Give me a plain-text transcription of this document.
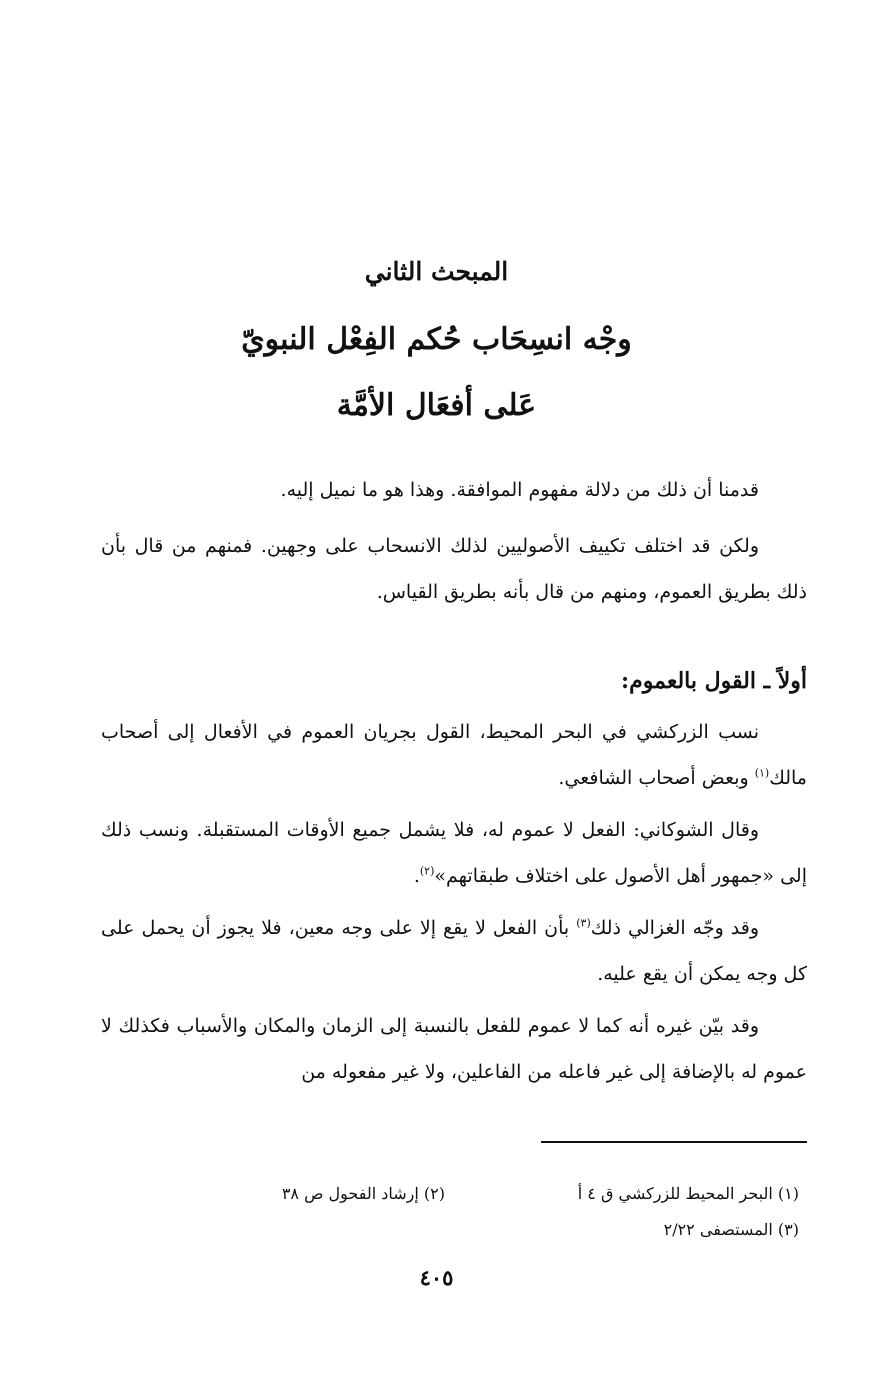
المبحث الثاني
وجْه انسِحَاب حُكم الفِعْل النبويّ
عَلى أفعَال الأمَّة

قدمنا أن ذلك من دلالة مفهوم الموافقة. وهذا هو ما نميل إليه.

ولكن قد اختلف تكييف الأصوليين لذلك الانسحاب على وجهين. فمنهم من قال بأن ذلك بطريق العموم، ومنهم من قال بأنه بطريق القياس.

أولاً ـ القول بالعموم:

نسب الزركشي في البحر المحيط، القول بجريان العموم في الأفعال إلى أصحاب مالك$^{(١)}$ وبعض أصحاب الشافعي.

وقال الشوكاني: الفعل لا عموم له، فلا يشمل جميع الأوقات المستقبلة. ونسب ذلك إلى «جمهور أهل الأصول على اختلاف طبقاتهم»$^{(٢)}$.

وقد وجّه الغزالي ذلك$^{(٣)}$ بأن الفعل لا يقع إلا على وجه معين، فلا يجوز أن يحمل على كل وجه يمكن أن يقع عليه.

وقد بيّن غيره أنه كما لا عموم للفعل بالنسبة إلى الزمان والمكان والأسباب فكذلك لا عموم له بالإضافة إلى غير فاعله من الفاعلين، ولا غير مفعوله من

(١) البحر المحيط للزركشي ق ٤ أ
(٢) إرشاد الفحول ص ٣٨
(٣) المستصفى ٢/٢٢
٤٠٥
